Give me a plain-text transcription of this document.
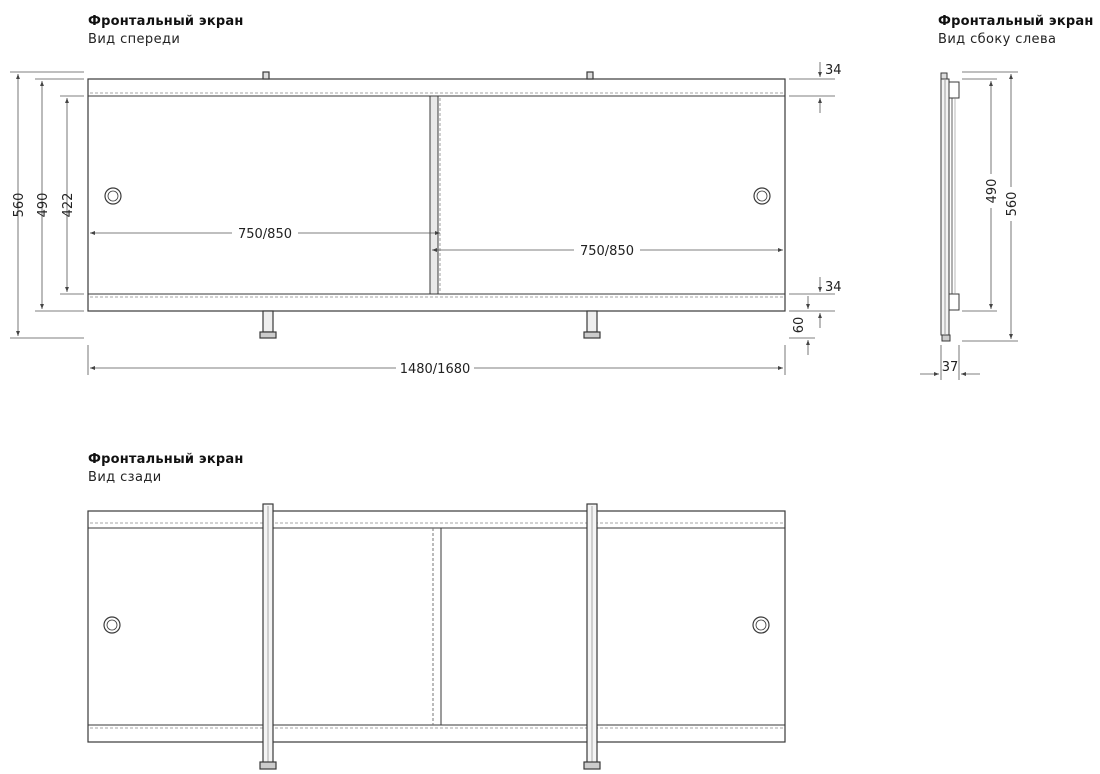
Фронтальный экран
Вид спереди
Фронтальный экран
Вид сбоку слева
Фронтальный экран
Вид сзади
560 490 422
750/850
750/850
1480/1680
34
34
60
490
560
37
